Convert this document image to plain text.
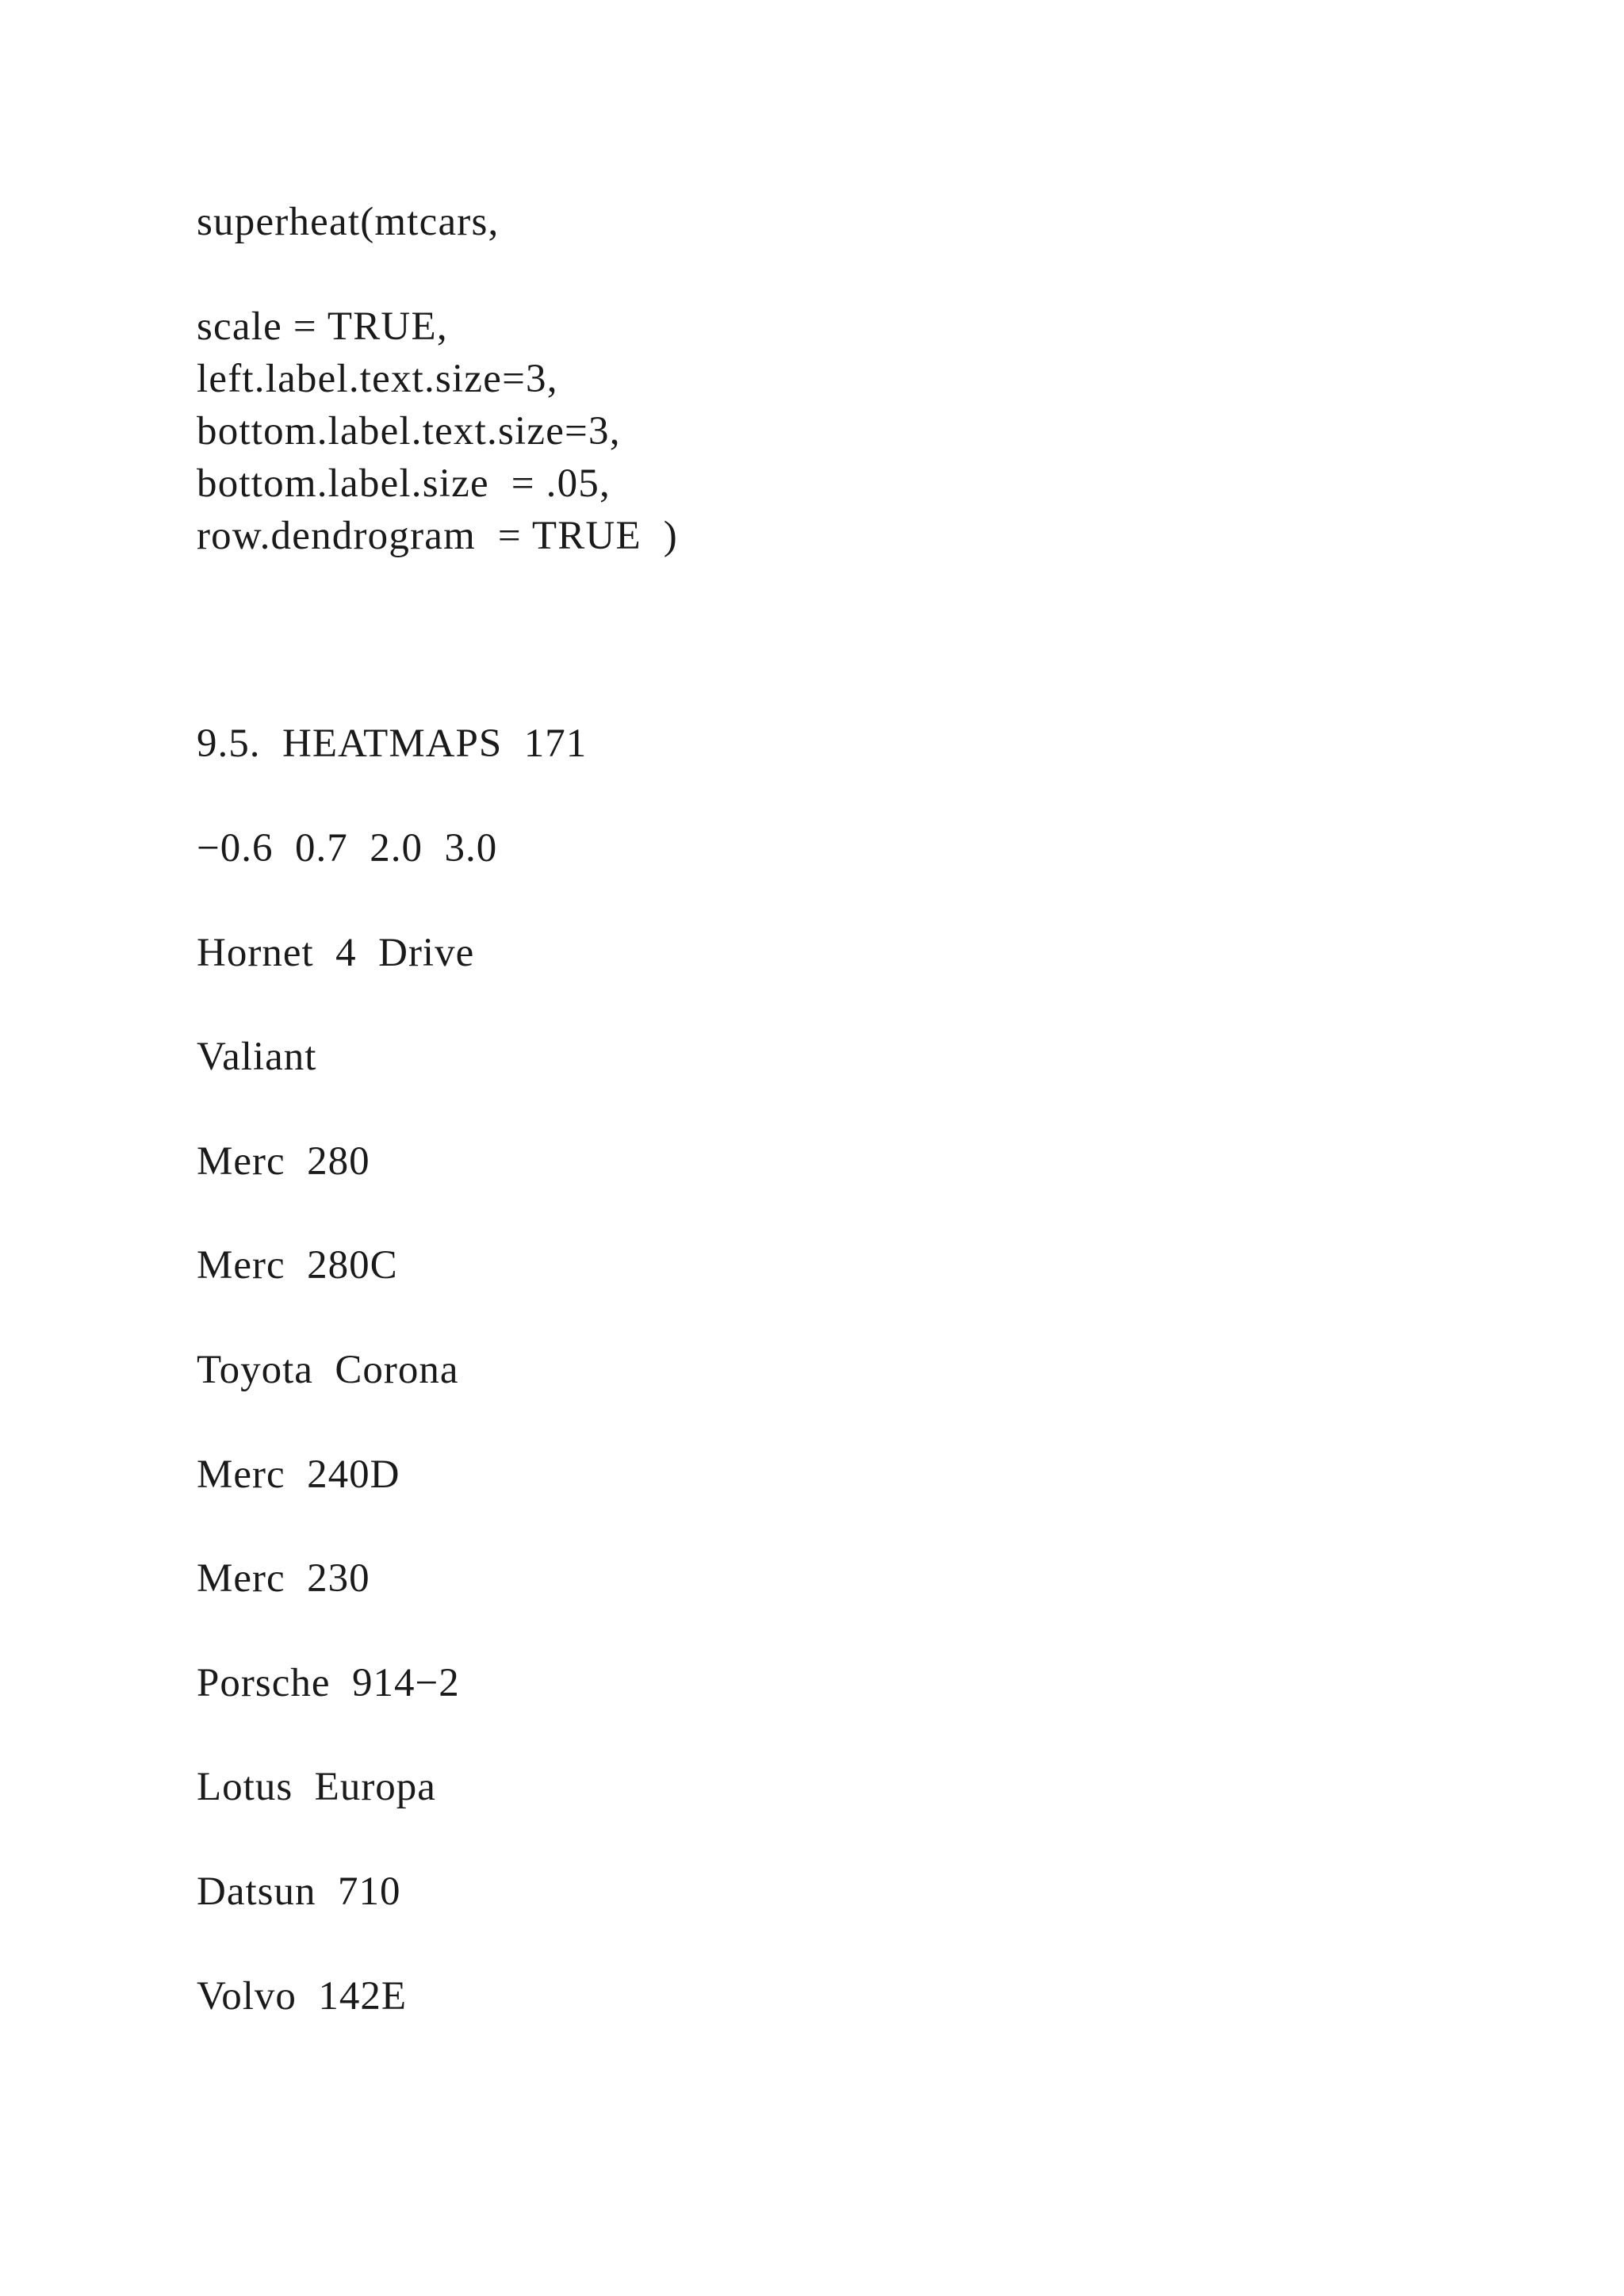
superheat(mtcars,

scale = TRUE,

left.label.text.size=3,

bottom.label.text.size=3,

bottom.label.size  = .05,

row.dendrogram  = TRUE  )

9.5.  HEATMAPS  171

−0.6  0.7  2.0  3.0

Hornet  4  Drive

Valiant

Merc  280

Merc  280C

Toyota  Corona

Merc  240D

Merc  230

Porsche  914−2

Lotus  Europa

Datsun  710

Volvo  142E
